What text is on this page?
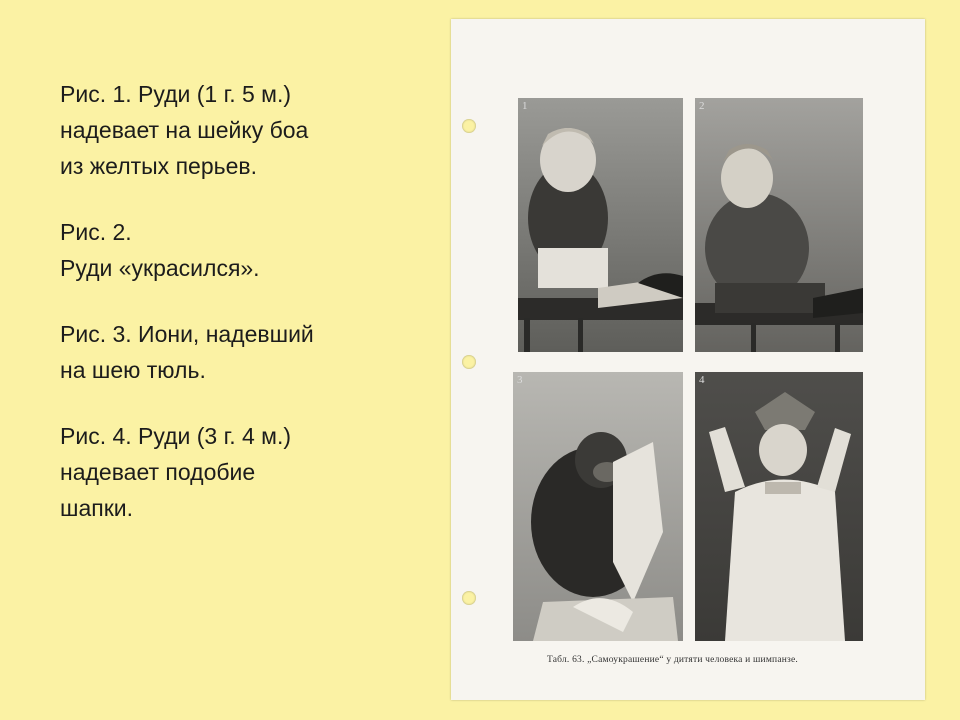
Рис. 1. Руди (1 г. 5 м.)
надевает на шейку боа
из желтых перьев.
Рис. 2.
Руди «украсился».
Рис. 3. Иони, надевший
на шею тюль.
Рис. 4. Руди (3 г. 4 м.)
надевает подобие
шапки.
1	2
3	4
Табл. 63. „Самоукрашение“ у дитяти человека и шимпанзе.
